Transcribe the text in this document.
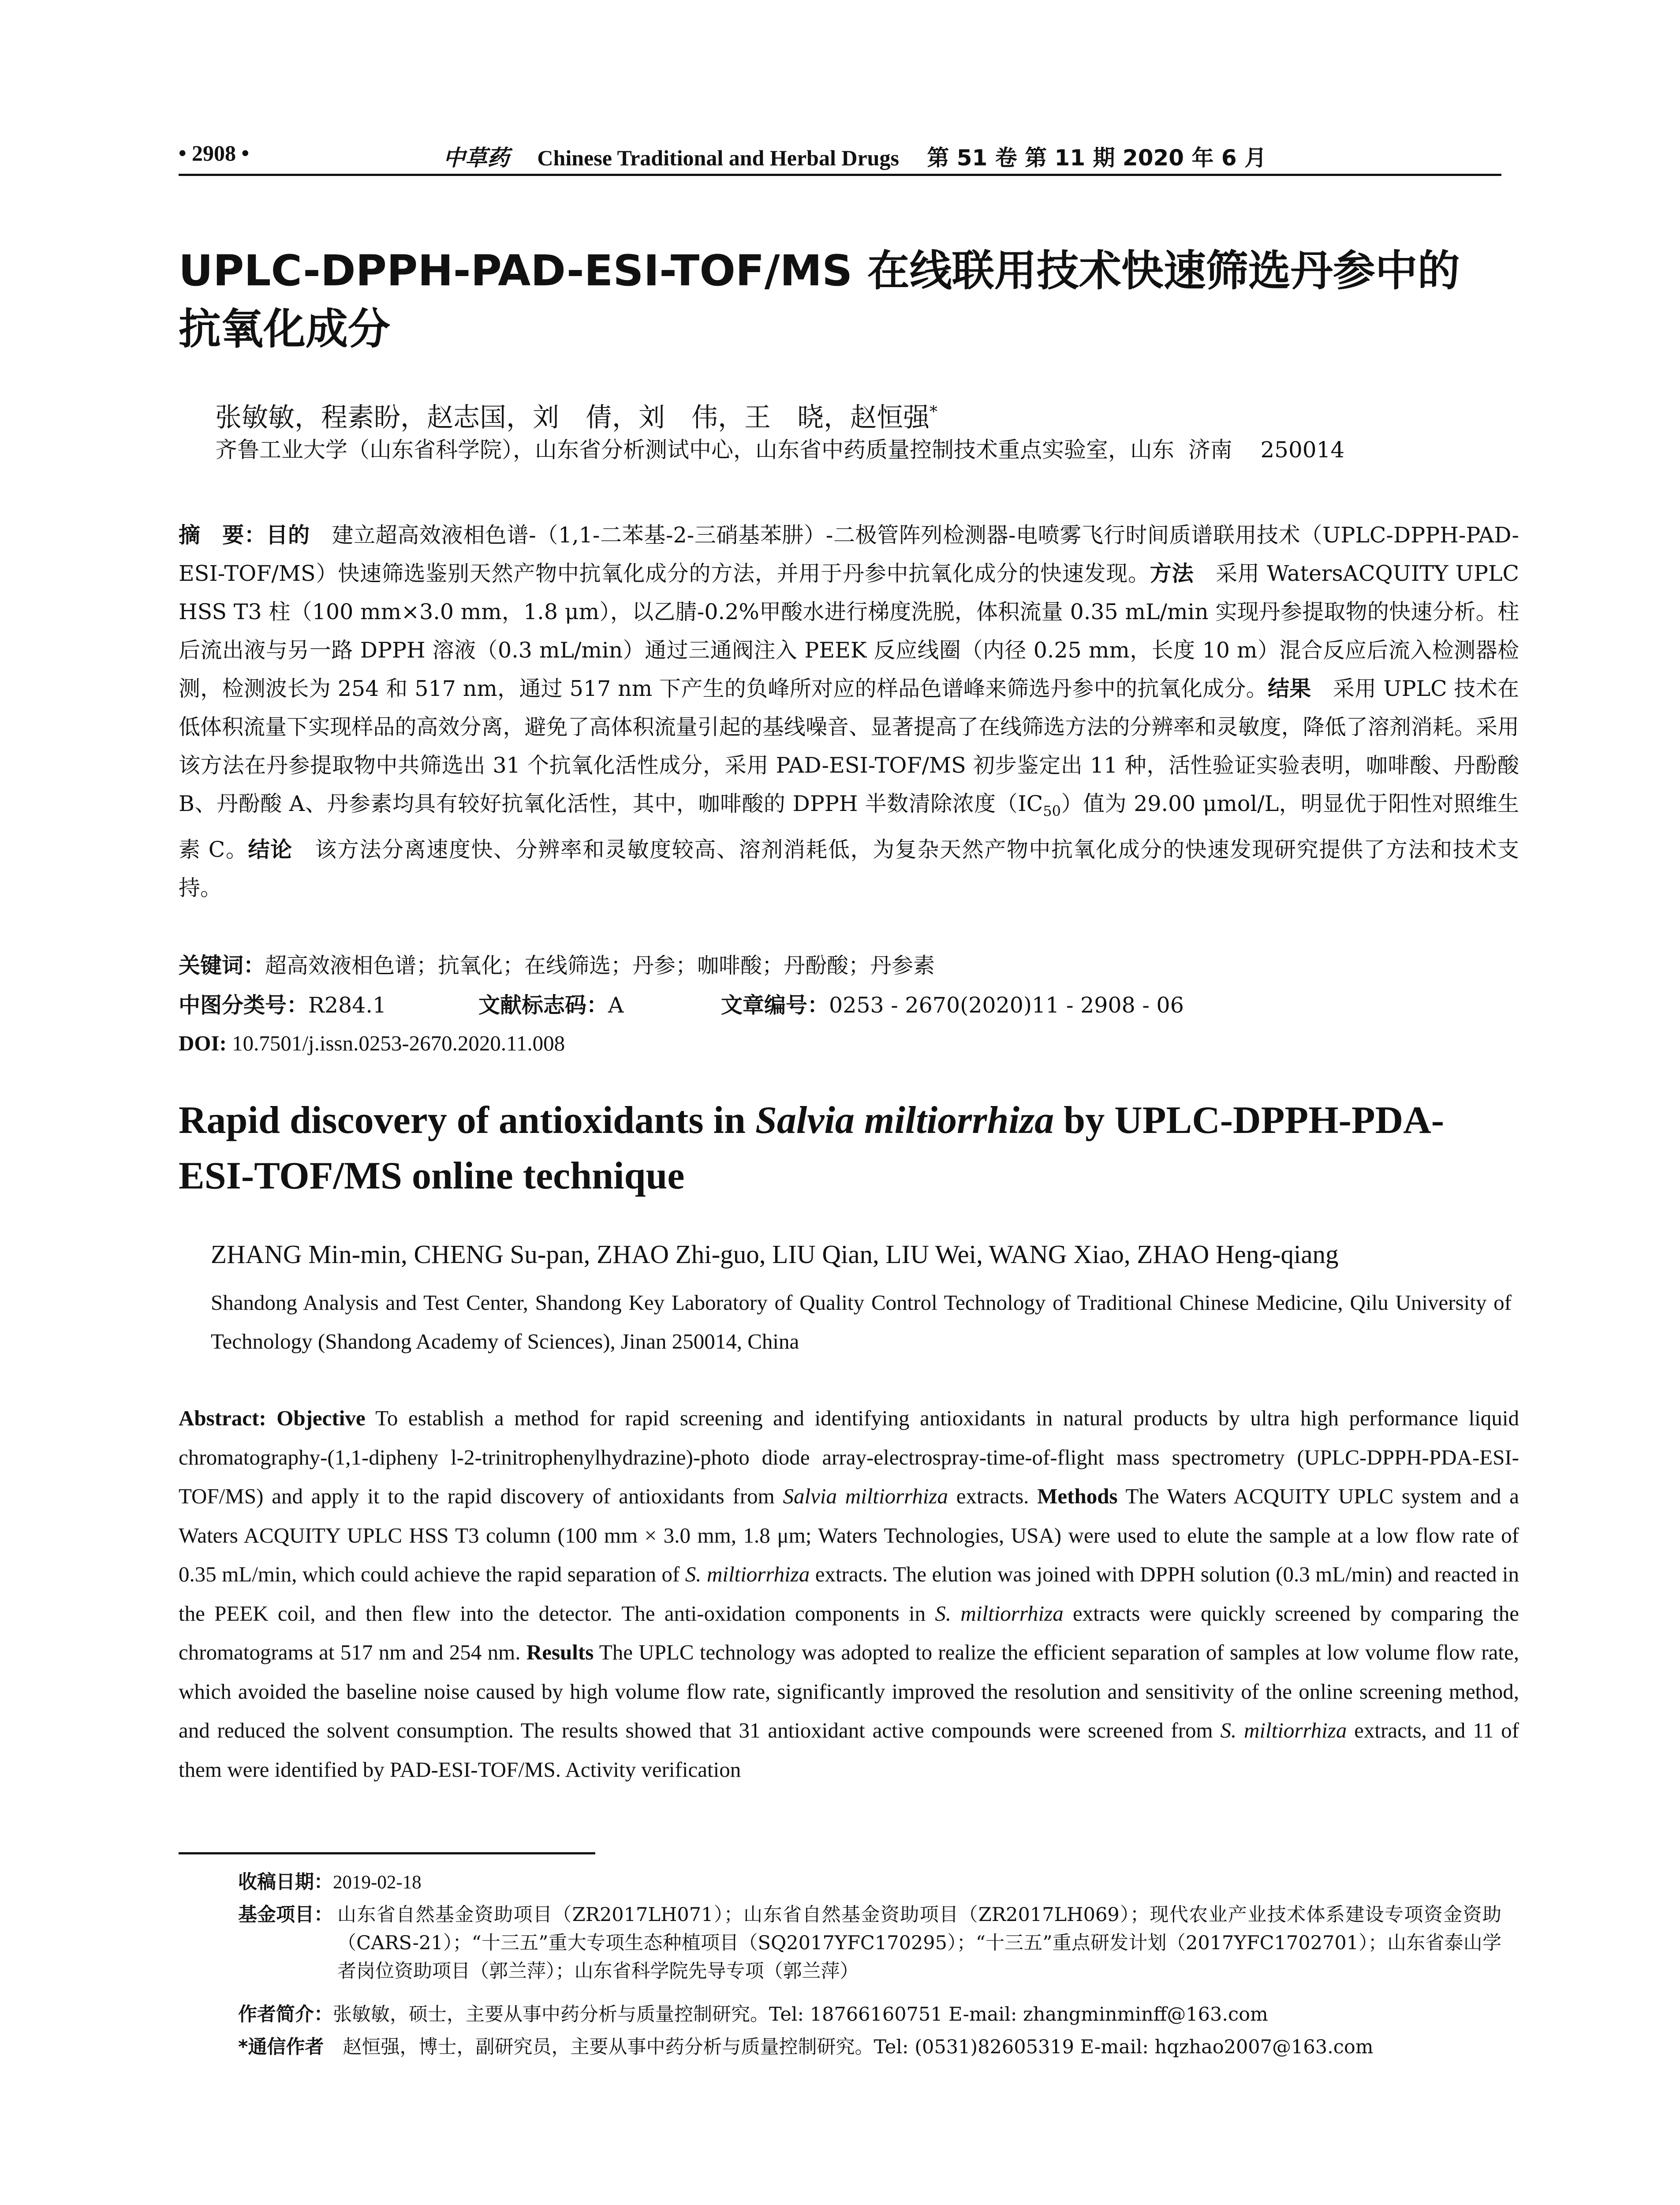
• 2908 •	中草药 Chinese Traditional and Herbal Drugs 第 51 卷 第 11 期 2020 年 6 月
UPLC-DPPH-PAD-ESI-TOF/MS 在线联用技术快速筛选丹参中的抗氧化成分
张敏敏，程素盼，赵志国，刘　倩，刘　伟，王　晓，赵恒强*
齐鲁工业大学（山东省科学院），山东省分析测试中心，山东省中药质量控制技术重点实验室，山东  济南    250014
摘　要：目的　建立超高效液相色谱-（1,1-二苯基-2-三硝基苯肼）-二极管阵列检测器-电喷雾飞行时间质谱联用技术（UPLC-DPPH-PAD-ESI-TOF/MS）快速筛选鉴别天然产物中抗氧化成分的方法，并用于丹参中抗氧化成分的快速发现。方法　采用 WatersACQUITY UPLC HSS T3 柱（100 mm×3.0 mm，1.8 μm），以乙腈-0.2%甲酸水进行梯度洗脱，体积流量 0.35 mL/min 实现丹参提取物的快速分析。柱后流出液与另一路 DPPH 溶液（0.3 mL/min）通过三通阀注入 PEEK 反应线圈（内径 0.25 mm，长度 10 m）混合反应后流入检测器检测，检测波长为 254 和 517 nm，通过 517 nm 下产生的负峰所对应的样品色谱峰来筛选丹参中的抗氧化成分。结果　采用 UPLC 技术在低体积流量下实现样品的高效分离，避免了高体积流量引起的基线噪音、显著提高了在线筛选方法的分辨率和灵敏度，降低了溶剂消耗。采用该方法在丹参提取物中共筛选出 31 个抗氧化活性成分，采用 PAD-ESI-TOF/MS 初步鉴定出 11 种，活性验证实验表明，咖啡酸、丹酚酸 B、丹酚酸 A、丹参素均具有较好抗氧化活性，其中，咖啡酸的 DPPH 半数清除浓度$(IC_{50})$值为 29.00 μmol/L，明显优于阳性对照维生素 C。结论　该方法分离速度快、分辨率和灵敏度较高、溶剂消耗低，为复杂天然产物中抗氧化成分的快速发现研究提供了方法和技术支持。
关键词：超高效液相色谱；抗氧化；在线筛选；丹参；咖啡酸；丹酚酸；丹参素
中图分类号：R284.1	文献标志码：A	文章编号：0253 - 2670(2020)11 - 2908 - 06
DOI: 10.7501/j.issn.0253-2670.2020.11.008
Rapid discovery of antioxidants in Salvia miltiorrhiza by UPLC-DPPH-PDA-ESI-TOF/MS online technique
ZHANG Min-min, CHENG Su-pan, ZHAO Zhi-guo, LIU Qian, LIU Wei, WANG Xiao, ZHAO Heng-qiang
Shandong Analysis and Test Center, Shandong Key Laboratory of Quality Control Technology of Traditional Chinese Medicine, Qilu University of Technology (Shandong Academy of Sciences), Jinan 250014, China
Abstract: Objective To establish a method for rapid screening and identifying antioxidants in natural products by ultra high performance liquid chromatography-(1,1-dipheny l-2-trinitrophenylhydrazine)-photo diode array-electrospray-time-of-flight mass spectrometry (UPLC-DPPH-PDA-ESI-TOF/MS) and apply it to the rapid discovery of antioxidants from Salvia miltiorrhiza extracts. Methods The Waters ACQUITY UPLC system and a Waters ACQUITY UPLC HSS T3 column (100 mm × 3.0 mm, 1.8 μm; Waters Technologies, USA) were used to elute the sample at a low flow rate of 0.35 mL/min, which could achieve the rapid separation of S. miltiorrhiza extracts. The elution was joined with DPPH solution (0.3 mL/min) and reacted in the PEEK coil, and then flew into the detector. The anti-oxidation components in S. miltiorrhiza extracts were quickly screened by comparing the chromatograms at 517 nm and 254 nm. Results The UPLC technology was adopted to realize the efficient separation of samples at low volume flow rate, which avoided the baseline noise caused by high volume flow rate, significantly improved the resolution and sensitivity of the online screening method, and reduced the solvent consumption. The results showed that 31 antioxidant active compounds were screened from S. miltiorrhiza extracts, and 11 of them were identified by PAD-ESI-TOF/MS. Activity verification
收稿日期：2019-02-18
基金项目： 山东省自然基金资助项目（ZR2017LH071）；山东省自然基金资助项目（ZR2017LH069）；现代农业产业技术体系建设专项资金资助（CARS-21）；“十三五”重大专项生态种植项目（SQ2017YFC170295）；“十三五”重点研发计划（2017YFC1702701）；山东省泰山学者岗位资助项目（郭兰萍）；山东省科学院先导专项（郭兰萍）
作者简介：张敏敏，硕士，主要从事中药分析与质量控制研究。Tel: 18766160751 E-mail: zhangminminff@163.com
*通信作者　赵恒强，博士，副研究员，主要从事中药分析与质量控制研究。Tel: (0531)82605319 E-mail: hqzhao2007@163.com
